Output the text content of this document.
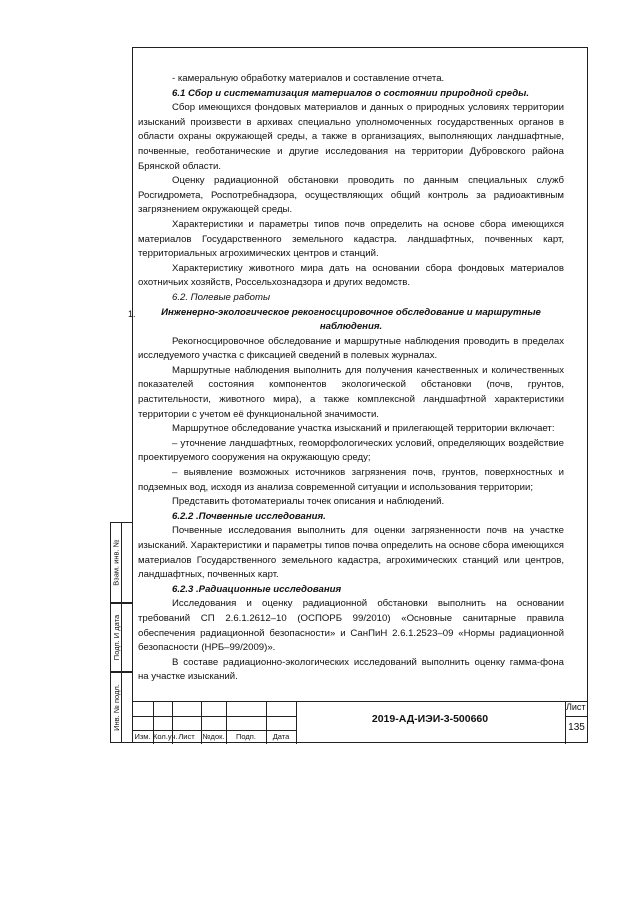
- камеральную обработку материалов и составление отчета.

6.1 Сбор и систематизация материалов о состоянии природной среды.

Сбор имеющихся фондовых материалов и данных о природных условиях территории изысканий произвести в архивах специально уполномоченных государственных органов в области охраны окружающей среды, а также в организациях, выполняющих ландшафтные, почвенные, геоботанические и другие исследования на территории Дубровского района Брянской области.

Оценку радиационной обстановки проводить по данным специальных служб Росгидромета, Роспотребнадзора, осуществляющих общий контроль за радиоактивным загрязнением окружающей среды.

Характеристики и параметры типов почв определить на основе сбора имеющихся материалов Государственного земельного кадастра. ландшафтных, почвенных карт, территориальных агрохимических центров и станций.

Характеристику животного мира дать на основании сбора фондовых материалов охотничьих хозяйств, Россельхознадзора и других ведомств.

6.2. Полевые работы

Инженерно-экологическое рекогносцировочное обследование и маршрутные наблюдения.

Рекогносцировочное обследование и маршрутные наблюдения проводить в пределах исследуемого участка с фиксацией сведений в полевых журналах.

Маршрутные наблюдения выполнить для получения качественных и количественных показателей состояния компонентов экологической обстановки (почв, грунтов, растительности, животного мира), а также комплексной ландшафтной характеристики территории с учетом её функциональной значимости.

Маршрутное обследование участка изысканий и прилегающей территории включает:

– уточнение ландшафтных, геоморфологических условий, определяющих воздействие проектируемого сооружения на окружающую среду;

– выявление возможных источников загрязнения почв, грунтов, поверхностных и подземных вод, исходя из анализа современной ситуации и использования территории;

Представить фотоматериалы точек описания и наблюдений.

6.2.2 .Почвенные исследования.

Почвенные исследования выполнить для оценки загрязненности почв на участке изысканий. Характеристики и параметры типов почва определить на основе сбора имеющихся материалов Государственного земельного кадастра, агрохимических станций или центров, ландшафтных, почвенных карт.

6.2.3 .Радиационные исследования

Исследования и оценку радиационной обстановки выполнить на основании требований СП 2.6.1.2612–10 (ОСПОРБ 99/2010) «Основные санитарные правила обеспечения радиационной безопасности» и СанПиН 2.6.1.2523–09 «Нормы радиационной безопасности (НРБ–99/2009)».

В составе радиационно-экологических исследований выполнить оценку гамма-фона на участке изысканий.

1.
Взам. инв. №
Подп. И дата
Инв. № подл.
Изм. Кол.уч. Лист	№док.	Подп.	Дата
2019-АД-ИЭИ-3-500660
Лист
135
